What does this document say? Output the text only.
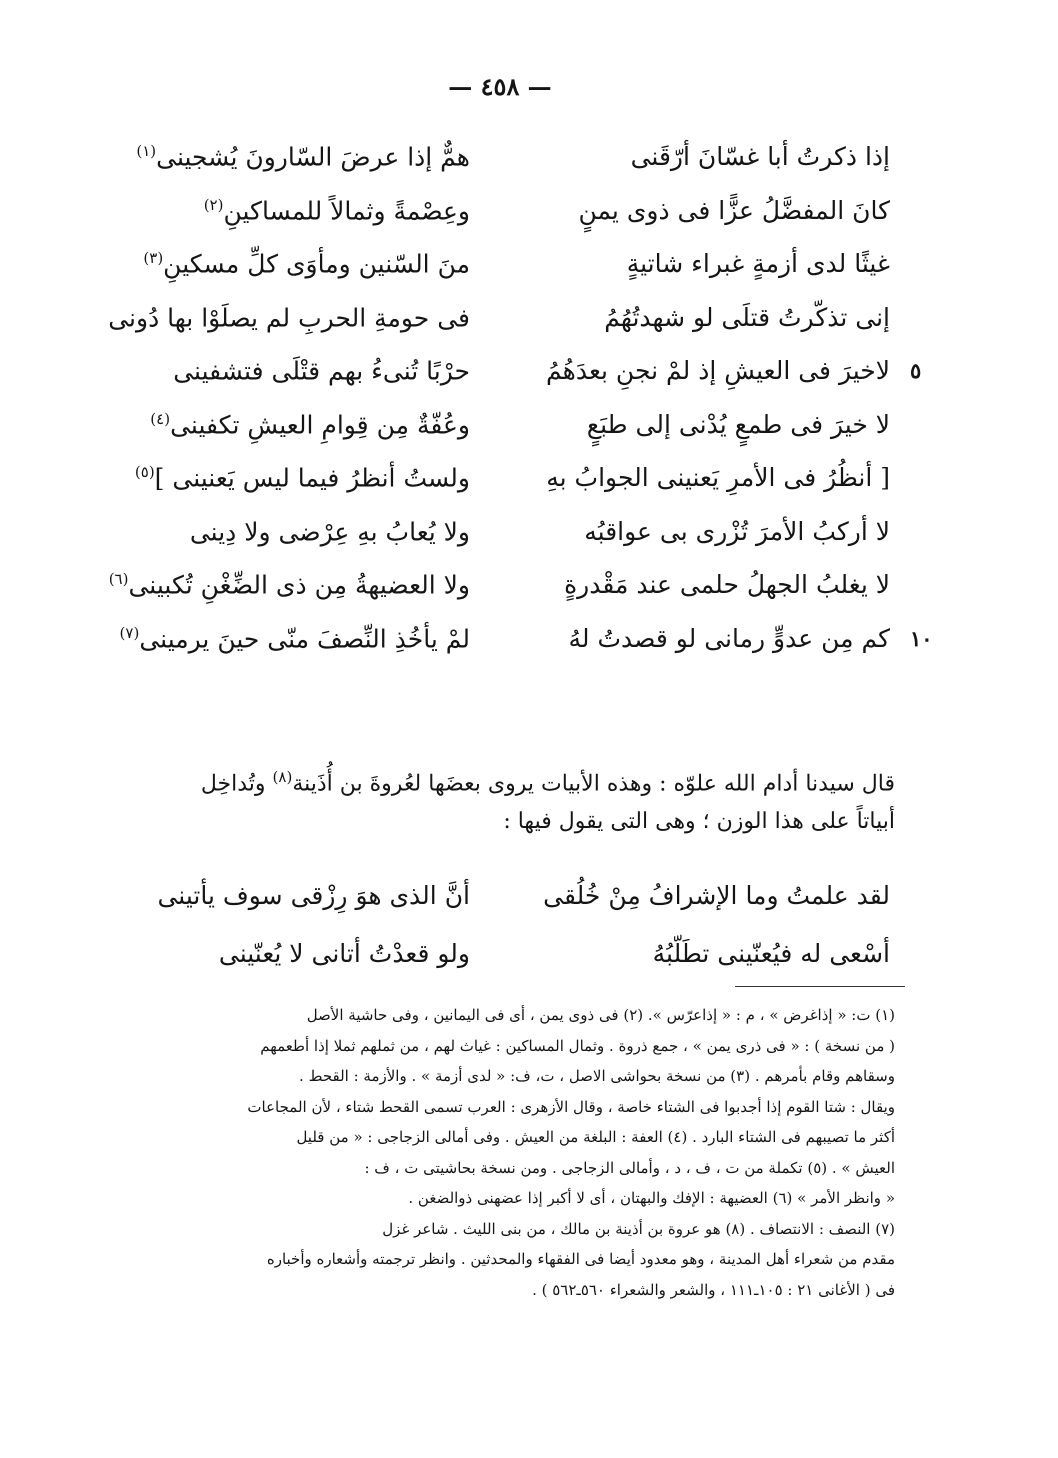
— ٤٥٨ —
إذا ذكرتُ أبا غسّانَ أرّقَنى
همٌّ إذا عرضَ السّارونَ يُشجينى$^{(١)}$
كانَ المفضَّلُ عزًّا فى ذوى يمنٍ
وعِصْمةً وثمالاً للمساكينِ$^{(٢)}$
غيثًا لدى أزمةٍ غبراء شاتيةٍ
منَ السّنين ومأوَى كلِّ مسكينِ$^{(٣)}$
إنى تذكّرتُ قتلَى لو شهدتُهُمُ
فى حومةِ الحربِ لم يصلَوْا بها دُونى
٥
لاخيرَ فى العيشِ إذ لمْ نجنِ بعدَهُمُ
حرْبًا تُنىءُ بهم قتْلَى فتشفينى
لا خيرَ فى طمعٍ يُدْنى إلى طبَعٍ
وعُفّةٌ مِن قِوامِ العيشِ تكفينى$^{(٤)}$
[ أنظُرُ فى الأمرِ يَعنينى الجوابُ بهِ
ولستُ أنظرُ فيما ليس يَعنينى ]$^{(٥)}$
لا أركبُ الأمرَ تُزْرى بى عواقبُه
ولا يُعابُ بهِ عِرْضى ولا دِينى
لا يغلبُ الجهلُ حلمى عند مَقْدرةٍ
ولا العضيهةُ مِن ذى الضِّغْنِ تُكبينى$^{(٦)}$
١٠
كم مِن عدوٍّ رمانى لو قصدتُ لهُ
لمْ يأخُذِ النِّصفَ منّى حينَ يرمينى$^{(٧)}$

قال سيدنا أدام الله علوّه : وهذه الأبيات يروى بعضَها لعُروةَ بن أُذَينة$^{(٨)}$ وتُداخِل

أبياتاً على هذا الوزن ؛ وهى التى يقول فيها :

لقد علمتُ وما الإشرافُ مِنْ خُلُقى
أنَّ الذى هوَ رِزْقى سوف يأتينى
أسْعى له فيُعنّينى تطَلّبُهُ
ولو قعدْتُ أتانى لا يُعنّينى

(١) ت: « إذاغرض » ، م : « إذاعرّس ». (٢) فى ذوى يمن ، أى فى اليمانين ، وفى حاشية الأصل

( من نسخة ) : « فى ذرى يمن » ، جمع ذروة . وثمال المساكين : غياث لهم ، من ثملهم ثملا إذا أطعمهم

وسقاهم وقام بأمرهم . (٣) من نسخة بحواشى الاصل ، ت، ف: « لدى أزمة » . والأزمة : القحط .

ويقال : شتا القوم إذا أجدبوا فى الشتاء خاصة ، وقال الأزهرى : العرب تسمى القحط شتاء ، لأن المجاعات

أكثر ما تصيبهم فى الشتاء البارد . (٤) العفة : البلغة من العيش . وفى أمالى الزجاجى : « من قليل

العيش » . (٥) تكملة من ت ، ف ، د ، وأمالى الزجاجى . ومن نسخة بحاشيتى ت ، ف :

« وانظر الأمر » (٦) العضيهة : الإفك والبهتان ، أى لا أكبر إذا عضهنى ذوالضغن .

(٧) النصف : الانتصاف . (٨) هو عروة بن أذينة بن مالك ، من بنى الليث . شاعر غزل

مقدم من شعراء أهل المدينة ، وهو معدود أيضا فى الفقهاء والمحدثين . وانظر ترجمته وأشعاره وأخباره

فى ( الأغانى ٢١ : ١٠٥ـ١١١ ، والشعر والشعراء ٥٦٠ـ٥٦٢ ) .
